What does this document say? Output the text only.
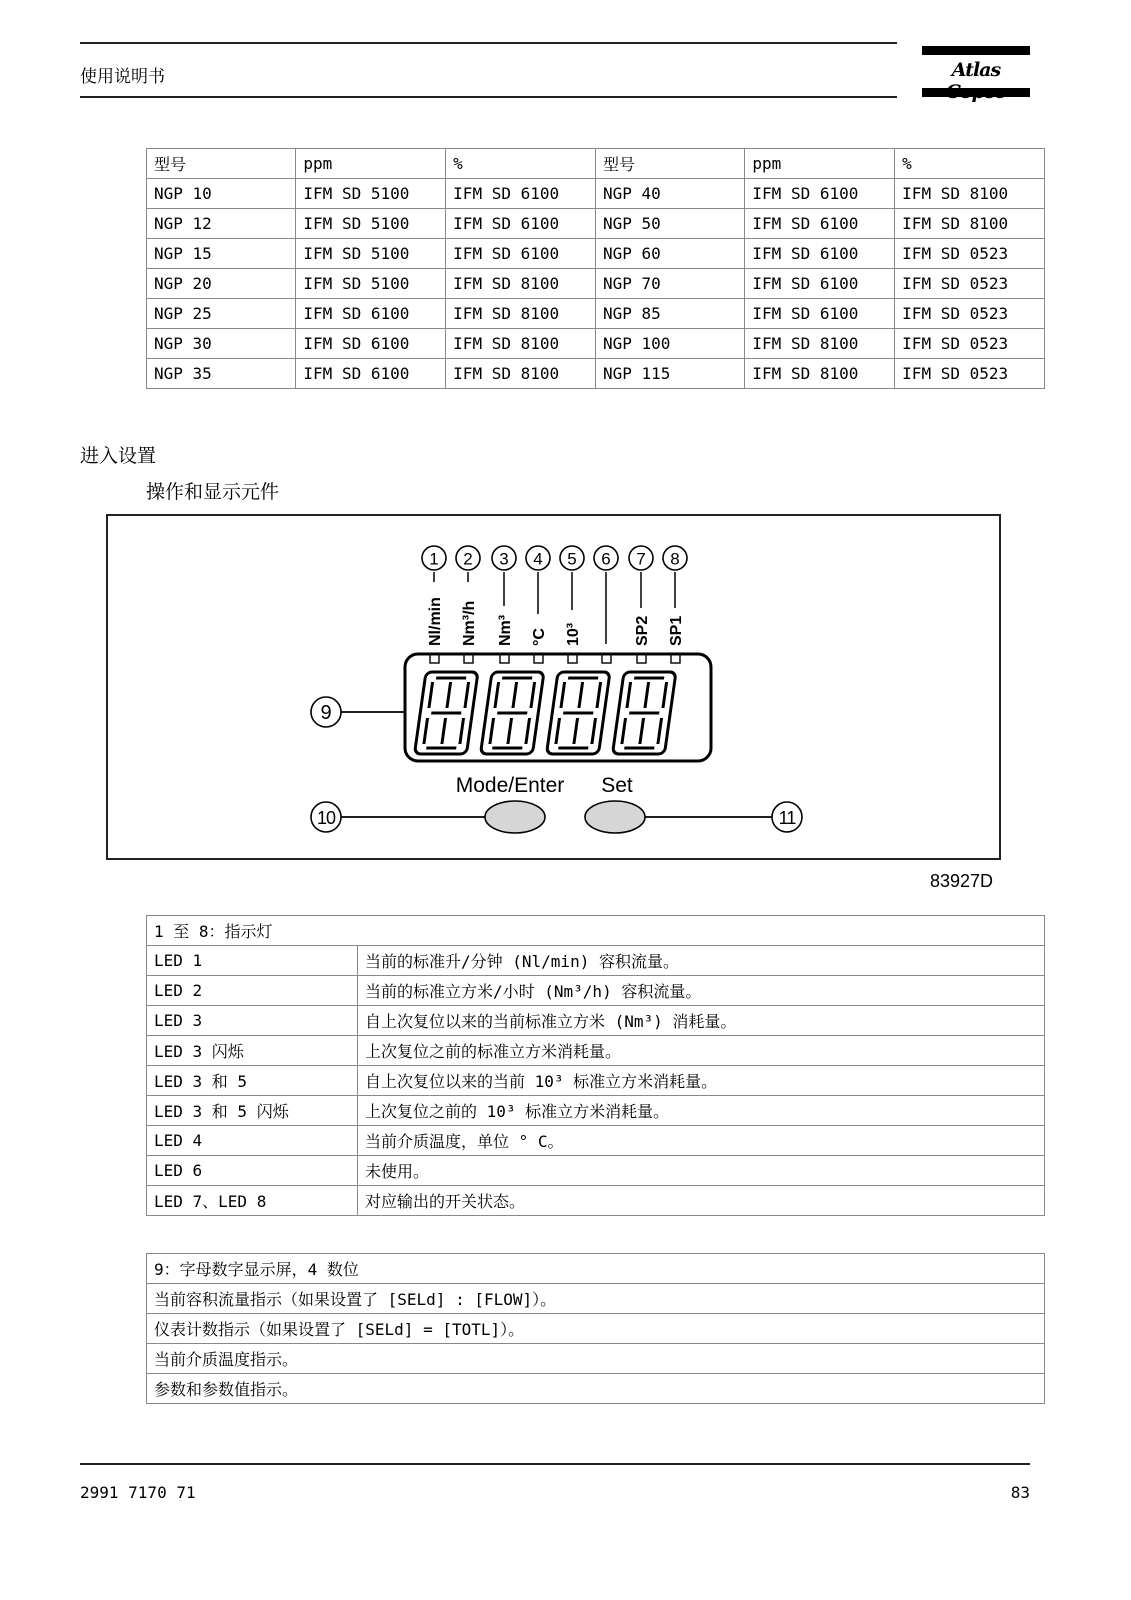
使用说明书	Atlas
型号	ppm	%	型号	ppm	%
NGP 10	IFM SD 5100	IFM SD 6100	NGP 40	IFM SD 6100	IFM SD 8100
NGP 12	IFM SD 5100	IFM SD 6100	NGP 50	IFM SD 6100	IFM SD 8100
NGP 15	IFM SD 5100	IFM SD 6100	NGP 60	IFM SD 6100	IFM SD 0523
NGP 20	IFM SD 5100	IFM SD 8100	NGP 70	IFM SD 6100	IFM SD 0523
NGP 25	IFM SD 6100	IFM SD 8100	NGP 85	IFM SD 6100	IFM SD 0523
NGP 30	IFM SD 6100	IFM SD 8100	NGP 100	IFM SD 8100	IFM SD 0523
NGP 35	IFM SD 6100	IFM SD 8100	NGP 115	IFM SD 8100	IFM SD 0523
进入设置
操作和显示元件
1 2 3 4 5 6 7 8
Nl/min Nm³/h Nm³ °C 10³	SP2 SP1
9
Mode/Enter Set
10	11
83927D
1 至 8：指示灯	
LED 1	当前的标准升/分钟 (Nl/min) 容积流量。
LED 2	当前的标准立方米/小时 (Nm³/h) 容积流量。
LED 3	自上次复位以来的当前标准立方米 (Nm³) 消耗量。
LED 3 闪烁	上次复位之前的标准立方米消耗量。
LED 3 和 5	自上次复位以来的当前 10³ 标准立方米消耗量。
LED 3 和 5 闪烁	上次复位之前的 10³ 标准立方米消耗量。
LED 4	当前介质温度，单位 ° C。
LED 6	未使用。
LED 7、LED 8	对应输出的开关状态。
9：字母数字显示屏，4 数位
当前容积流量指示（如果设置了 [SELd] : [FLOW]）。
仪表计数指示（如果设置了 [SELd] = [TOTL]）。
当前介质温度指示。
参数和参数值指示。
2991 7170 71	83
